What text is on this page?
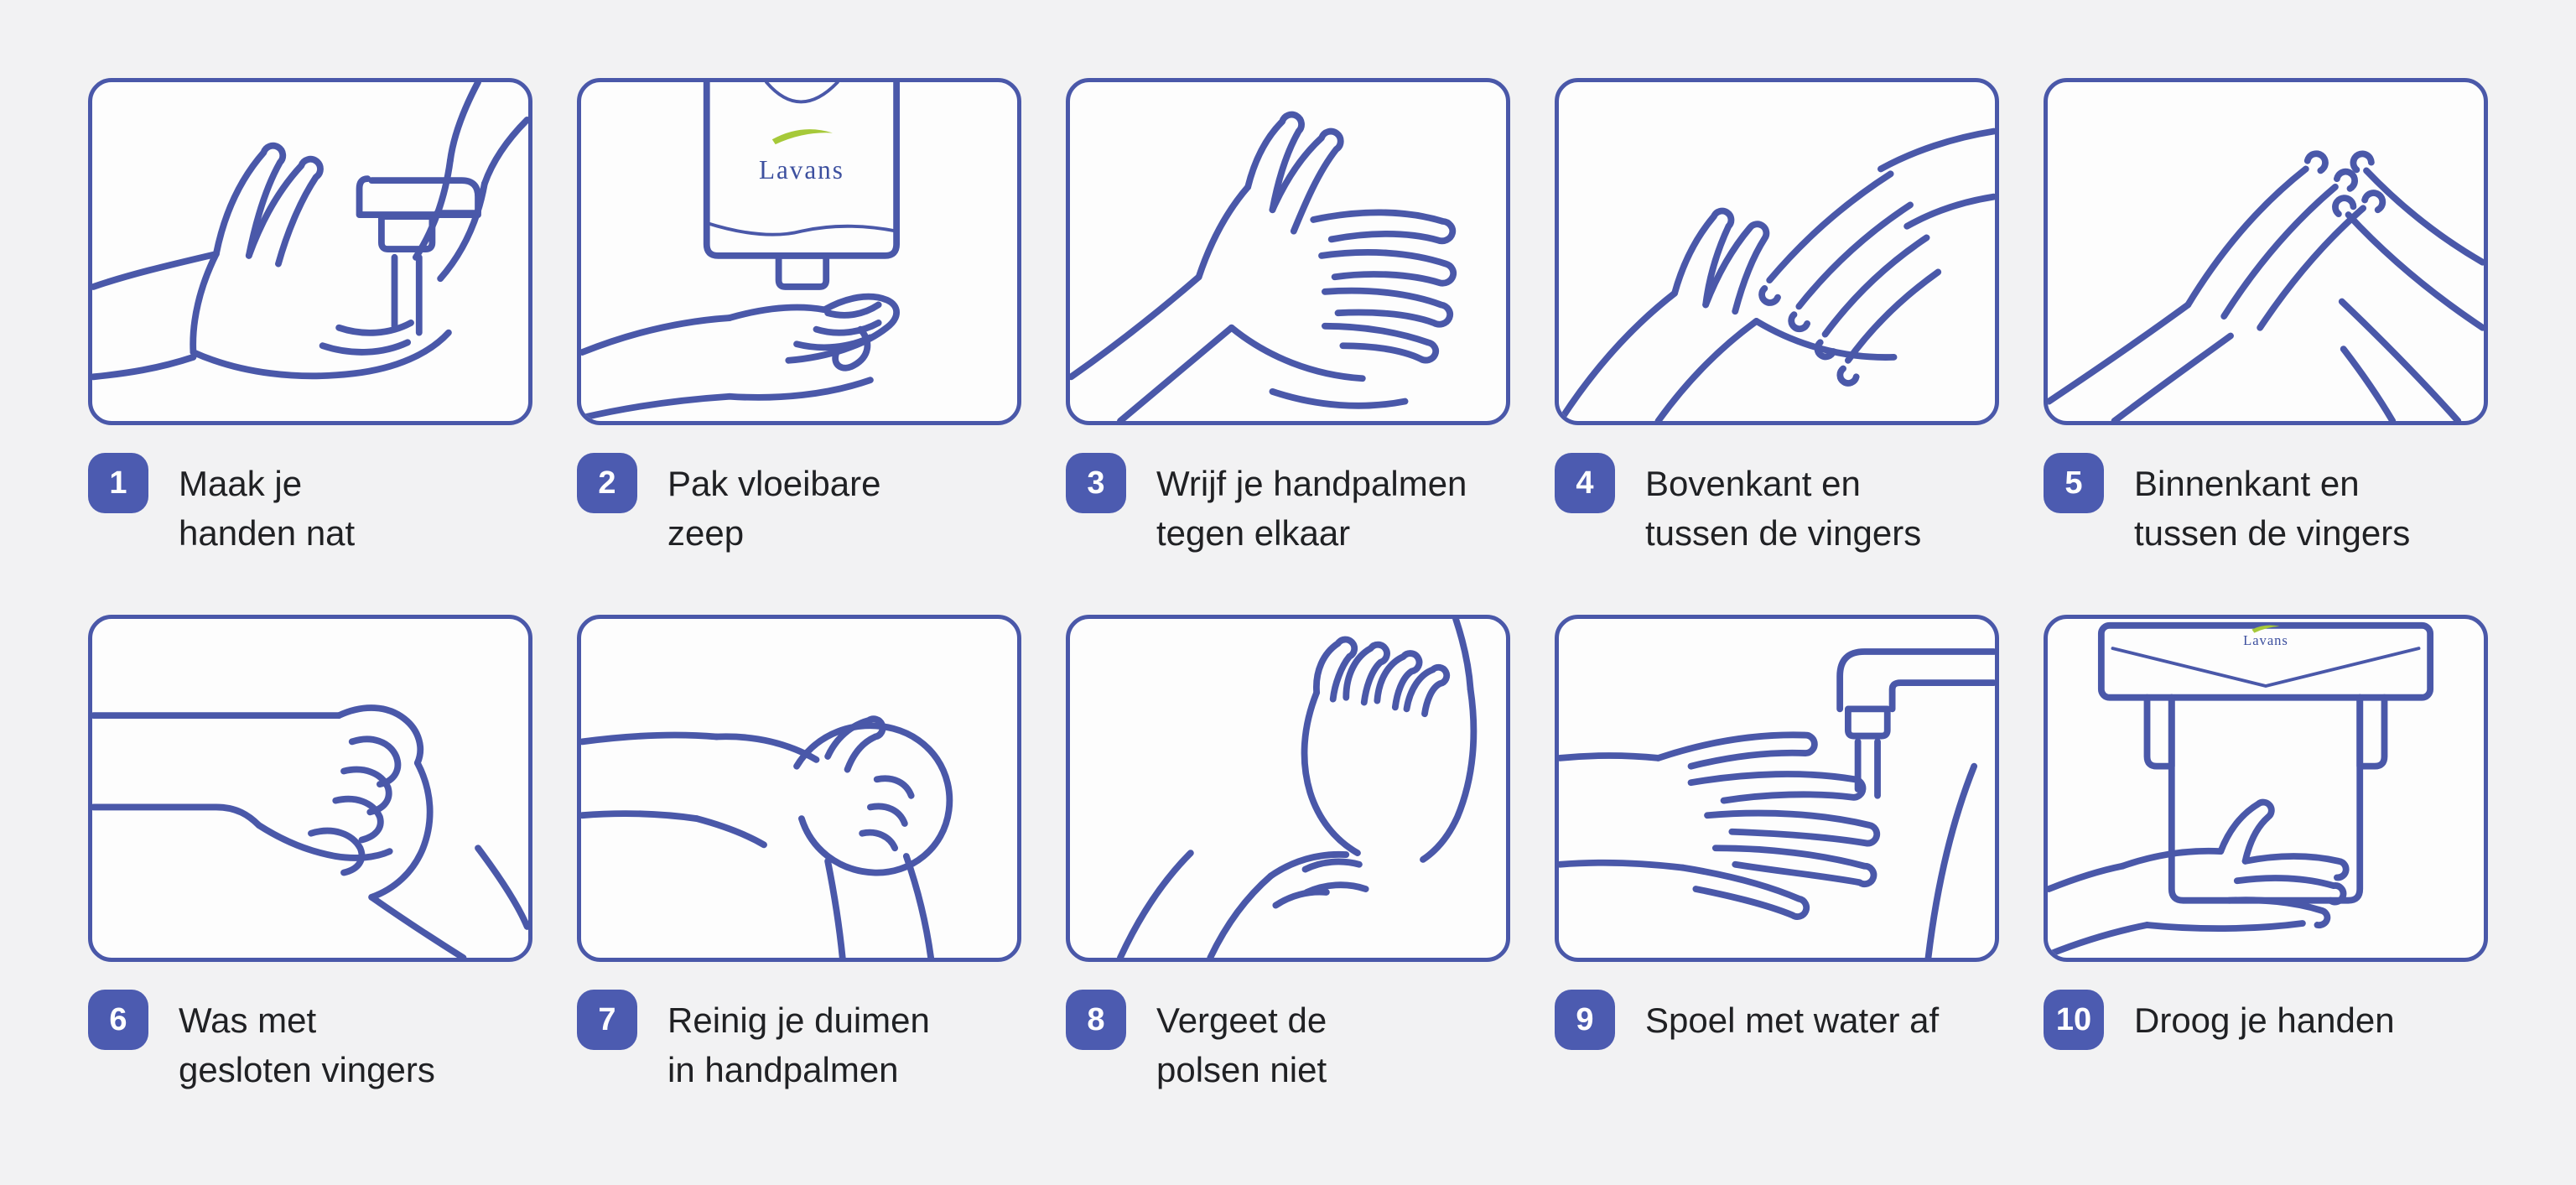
1	Maak je
handen nat
Lavans
2	Pak vloeibare
zeep
3	Wrijf je handpalmen
tegen elkaar
4	Bovenkant en
tussen de vingers
5	Binnenkant en
tussen de vingers
6	Was met
gesloten vingers
7	Reinig je duimen
in handpalmen
8	Vergeet de
polsen niet
9	Spoel met water af
Lavans
10	Droog je handen
